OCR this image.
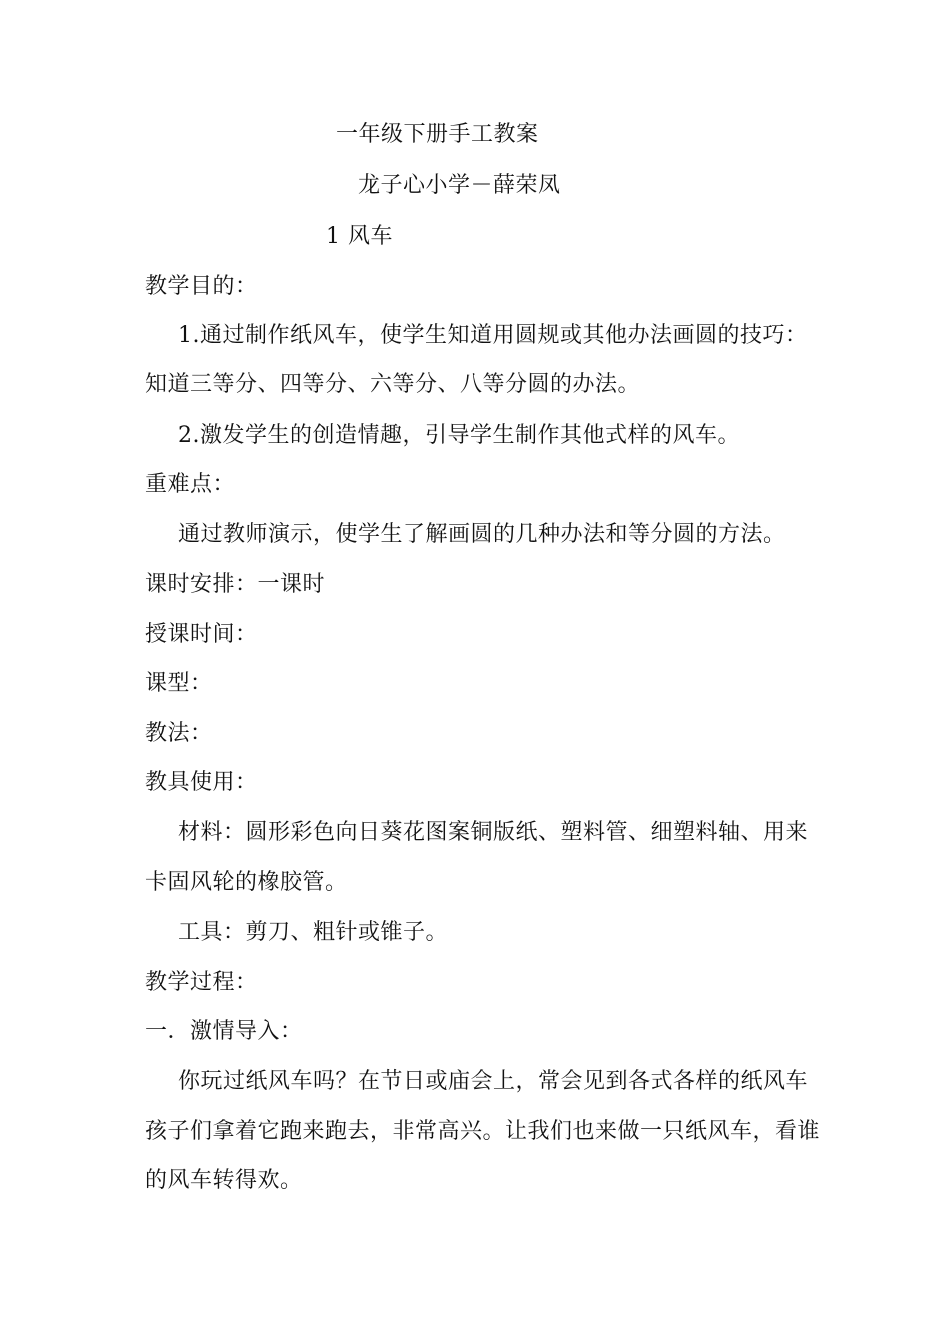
一年级下册手工教案
龙子心小学－薛荣凤
1 风车
教学目的：
1.通过制作纸风车，使学生知道用圆规或其他办法画圆的技巧：
知道三等分、四等分、六等分、八等分圆的办法。
2.激发学生的创造情趣，引导学生制作其他式样的风车。
重难点：
通过教师演示，使学生了解画圆的几种办法和等分圆的方法。
课时安排：一课时
授课时间：
课型：
教法：
教具使用：
材料：圆形彩色向日葵花图案铜版纸、塑料管、细塑料轴、用来
卡固风轮的橡胶管。
工具：剪刀、粗针或锥子。
教学过程：
一．激情导入：
你玩过纸风车吗？在节日或庙会上，常会见到各式各样的纸风车
孩子们拿着它跑来跑去，非常高兴。让我们也来做一只纸风车，看谁
的风车转得欢。
